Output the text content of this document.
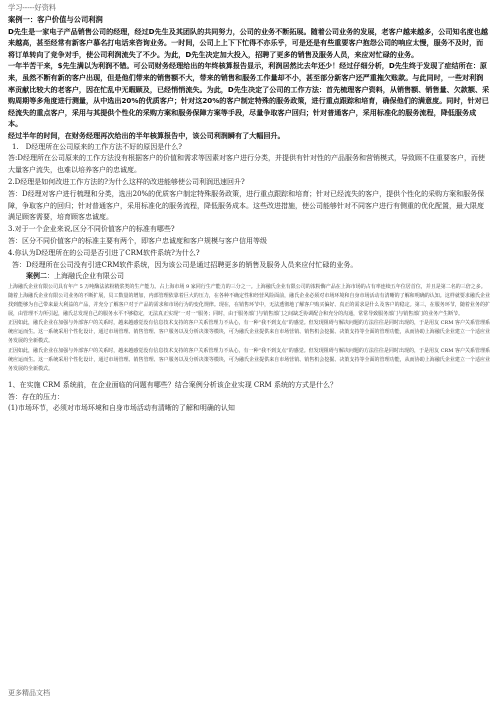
学习-----好资料

案例一：客户价值与公司利润

D先生是一家电子产品销售公司的经理，经过D先生及其团队的共同努力，公司的业务不断拓展。随着公司业务的发展，老客户越来越多，公司知名度也越来越高，甚至经常有新客户慕名打电话来咨询业务。一时间，公司上上下下忙得不亦乐乎，可是还是有些重要客户抱怨公司的响应太慢，服务不及时，而将订单转向了竞争对手，使公司利润流失了不少。为此，D先生决定加大投入，招聘了更多的销售及服务人员，来应对忙碌的业务。

一年半苦干来，$先生满以为利润不错。可公司财务经理给出的年终核算报告显示，利润居然比去年还少！经过仔细分析，D先生终于发现了症结所在：原来，虽然不断有新的客户出现，但是他们带来的销售额不大，带来的销售和服务工作量却不小，甚至部分新客户还严重拖欠账款。与此同时，一些对利润率贡献比较大的老客户，因在忙乱中无暇顾及，已经悄悄流失。为此，D先生决定了公司的工作方法：首先梳理客户资料，从销售额、销售量、欠款额、采购周期等多角度进行测量，从中选出20%的优质客户；针对这20%的客户制定特殊的服务政策，进行重点跟踪和培育，确保他们的满意度。同时，针对已经流失的重点客户，采用与其提供个性化的采购方案和服务保障方案等手段，尽量争取客户回归；针对普通客户，采用标准化的服务流程，降低服务成本。

经过半年的时间，在财务经理再次给出的半年核算报告中，该公司利润瞬有了大幅回升。

1.　D经理所在公司原来的工作方法不好的原因是什么?

答:D经理所在公司原来的工作方法没有根据客户的价值和需求等因素对客户进行分类，并提供有针对性的产品服务和营销模式，导致顾不住重要客户，而使大量客户流失，也难以培养客户的忠诚度。

2.D经理是如何改进工作方法的?为什么这样的改进能够使公司利润迅速回升?

答：D经理对客户进行梳理和分类，选出20%的优质客户制定特殊服务政策，进行重点跟踪和培育；针对已经流失的客户，提供个性化的采购方案和服务保障，争取客户的回归；针对普通客户，采用标准化的服务流程，降低服务成本。这些改进措施，使公司能够针对不同客户进行有侧重的优化配置，最大限度满足顾客需要，培育顾客忠诚度。

3.对于一个企业来说,区分不同价值客户的标准有哪些?

答：区分不同价值客户的标准主要有两个，即客户忠诚度和客户规模与客户信用等级

4.你认为D经理所在的公司是否引进了CRM软件系统?为什么?

答：D经理所在公司没有引进CRM软件系统，因为该公司是通过招聘更多的销售及服务人员来应付忙碌的业务。

案例二：上海融氏企业有限公司

上海融氏企业有限公司具有年产 5 万吨酶法浓粉精浆类的生产能力。占上海市场 9 家同行生产能力的三分之一。上海融氏企业有限公司的浓粉酶产品在上海市场的占有率连续五年位居首位，并且是第二名的三倍之多。

随着上海融氏企业有限公司业务的不断扩展，员工数量的增加，内部管理依靠着巨大的压力，在各种不确定性和经营风险面前，融氏企业必须对市场环境和自身市场活动有清晰的了解和明确的认知。这样就要求融氏企业找到能够为自己带来最大利益的产品，并充分了解客户对于产品的需求和市场行为的变化规律。现在，在销售环节中，无法透彻地了解客户购买偏好、真正的需求是什么及客户的稳定。第三，在服务环节，随着业务的扩展，由管理不力所引起，融氏总发现自己的服务水平不够稳定，无法真正实现“一对一”服务；同时，由于服务部门与销售部门之间缺乏协调配合和充分的沟通，常常导致服务部门与销售部门的业务产生断节。

正因如此，融氏企业在加强与外部客户的关系时，越来越感觉没有信息技术支持的客户关系管理力不从心，有一种“我不到支点”的感觉。但发现阻碍与解决问题的方法往往是同时出现的，于是用友 CRM 客户关系管理系统应运而生。这一系统采用个性化设计，通过市场管理、销售管理、客户服务以及分析决策等模块，可为融氏企业提供来自市场营销、销售机会挖掘、决策支持等全面的管理功能，从而协助上海融氏企业建立一个适应业务发展的全新模式。

正因如此，融氏企业在加强与外部客户的关系时，越来越感觉没有信息技术支持的客户关系管理力不从心，有一种“我不到支点”的感觉。但发现阻碍与解决问题的方法往往是同时出现的，于是用友 CRM 客户关系管理系统应运而生。这一系统采用个性化设计，通过市场管理、销售管理、客户服务以及分析决策等模块，可为融氏企业提供来自市场营销、销售机会挖掘、决策支持等全面的管理功能，从而协助上海融氏企业建立一个适应业务发展的全新模式。

1、在实施 CRM 系统前，在企业面临的问题有哪些？结合案例分析该企业实现 CRM 系统的方式是什么？

答：存在的压力：

(1)市场环节，必须对市场环境和自身市场活动有清晰的了解和明确的认知

更多精品文档
